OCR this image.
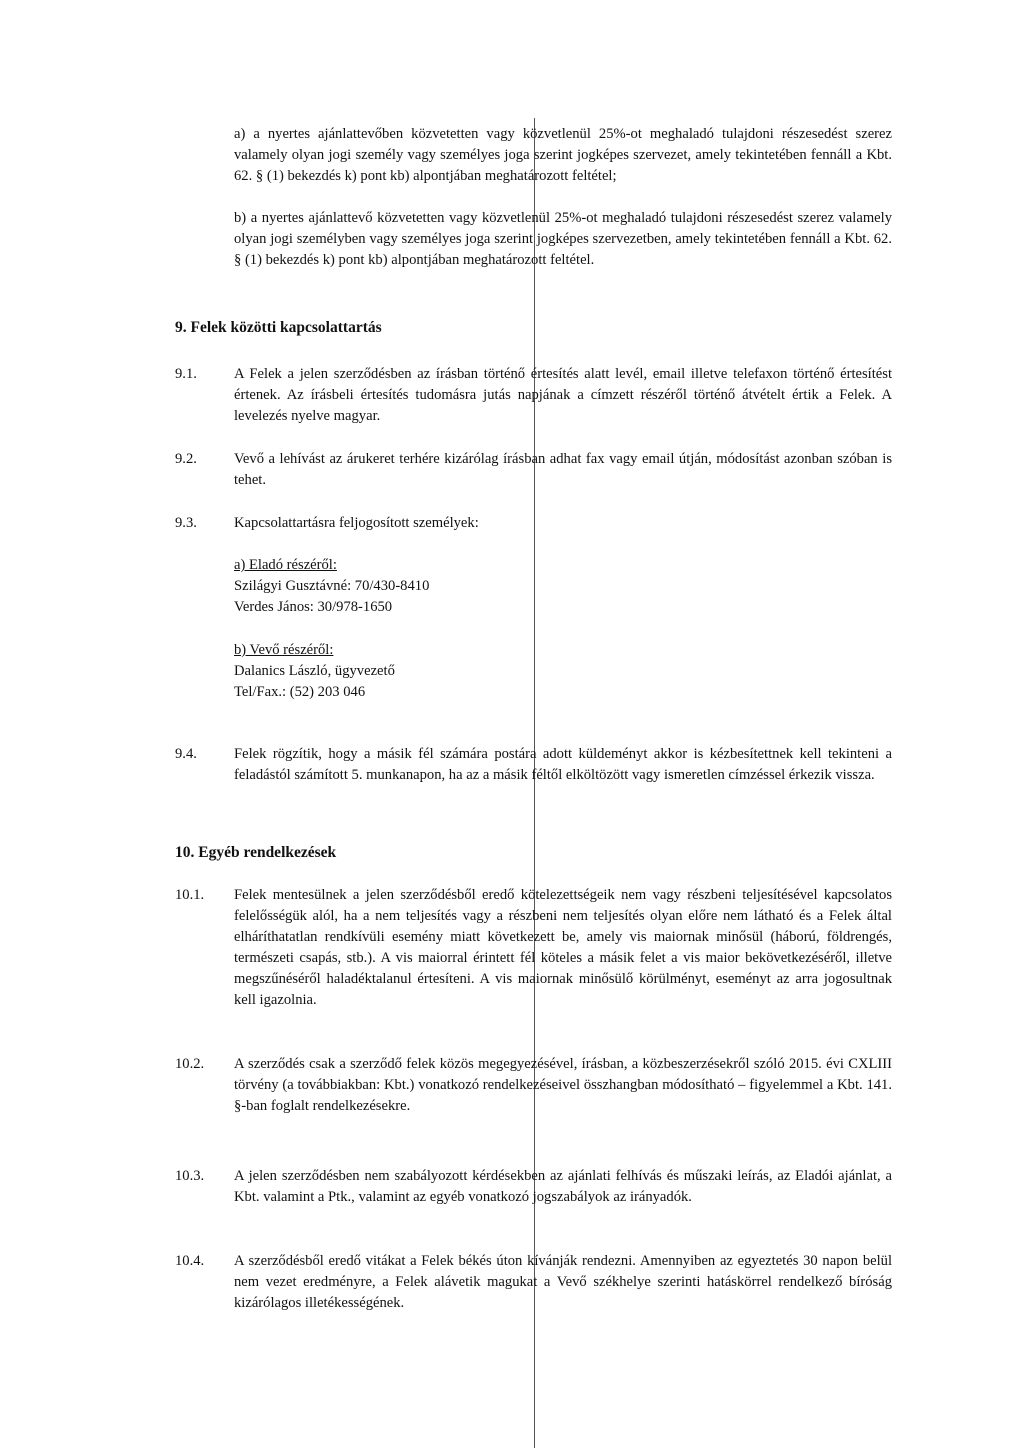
a) a nyertes ajánlattevőben közvetetten vagy közvetlenül 25%-ot meghaladó tulajdoni részesedést szerez valamely olyan jogi személy vagy személyes joga szerint jogképes szervezet, amely tekintetében fennáll a Kbt. 62. § (1) bekezdés k) pont kb) alpontjában meghatározott feltétel;

b) a nyertes ajánlattevő közvetetten vagy közvetlenül 25%-ot meghaladó tulajdoni részesedést szerez valamely olyan jogi személyben vagy személyes joga szerint jogképes szervezetben, amely tekintetében fennáll a Kbt. 62. § (1) bekezdés k) pont kb) alpontjában meghatározott feltétel.

9. Felek közötti kapcsolattartás
9.1.	A Felek a jelen szerződésben az írásban történő értesítés alatt levél, email illetve telefaxon történő értesítést értenek. Az írásbeli értesítés tudomásra jutás napjának a címzett részéről történő átvételt értik a Felek. A levelezés nyelve magyar.

9.2.	Vevő a lehívást az árukeret terhére kizárólag írásban adhat fax vagy email útján, módosítást azonban szóban is tehet.

9.3.	Kapcsolattartásra feljogosított személyek:
a) Eladó részéről:
Szilágyi Gusztávné: 70/430-8410
Verdes János: 30/978-1650
b) Vevő részéről:
Dalanics László, ügyvezető
Tel/Fax.: (52) 203 046
9.4.	Felek rögzítik, hogy a másik fél számára postára adott küldeményt akkor is kézbesítettnek kell tekinteni a feladástól számított 5. munkanapon, ha az a másik féltől elköltözött vagy ismeretlen címzéssel érkezik vissza.

10. Egyéb rendelkezések
10.1. Felek mentesülnek a jelen szerződésből eredő kötelezettségeik nem vagy részbeni teljesítésével kapcsolatos felelősségük alól, ha a nem teljesítés vagy a részbeni nem teljesítés olyan előre nem látható és a Felek által elháríthatatlan rendkívüli esemény miatt következett be, amely vis maiornak minősül (háború, földrengés, természeti csapás, stb.). A vis maiorral érintett fél köteles a másik felet a vis maior bekövetkezéséről, illetve megszűnéséről haladéktalanul értesíteni. A vis maiornak minősülő körülményt, eseményt az arra jogosultnak kell igazolnia.

10.2. A szerződés csak a szerződő felek közös megegyezésével, írásban, a közbeszerzésekről szóló 2015. évi CXLIII törvény (a továbbiakban: Kbt.) vonatkozó rendelkezéseivel összhangban módosítható – figyelemmel a Kbt. 141. §-ban foglalt rendelkezésekre.

10.3. A jelen szerződésben nem szabályozott kérdésekben az ajánlati felhívás és műszaki leírás, az Eladói ajánlat, a Kbt. valamint a Ptk., valamint az egyéb vonatkozó jogszabályok az irányadók.

10.4. A szerződésből eredő vitákat a Felek békés úton kívánják rendezni. Amennyiben az egyeztetés 30 napon belül nem vezet eredményre, a Felek alávetik magukat a Vevő székhelye szerinti hatáskörrel rendelkező bíróság kizárólagos illetékességének.
